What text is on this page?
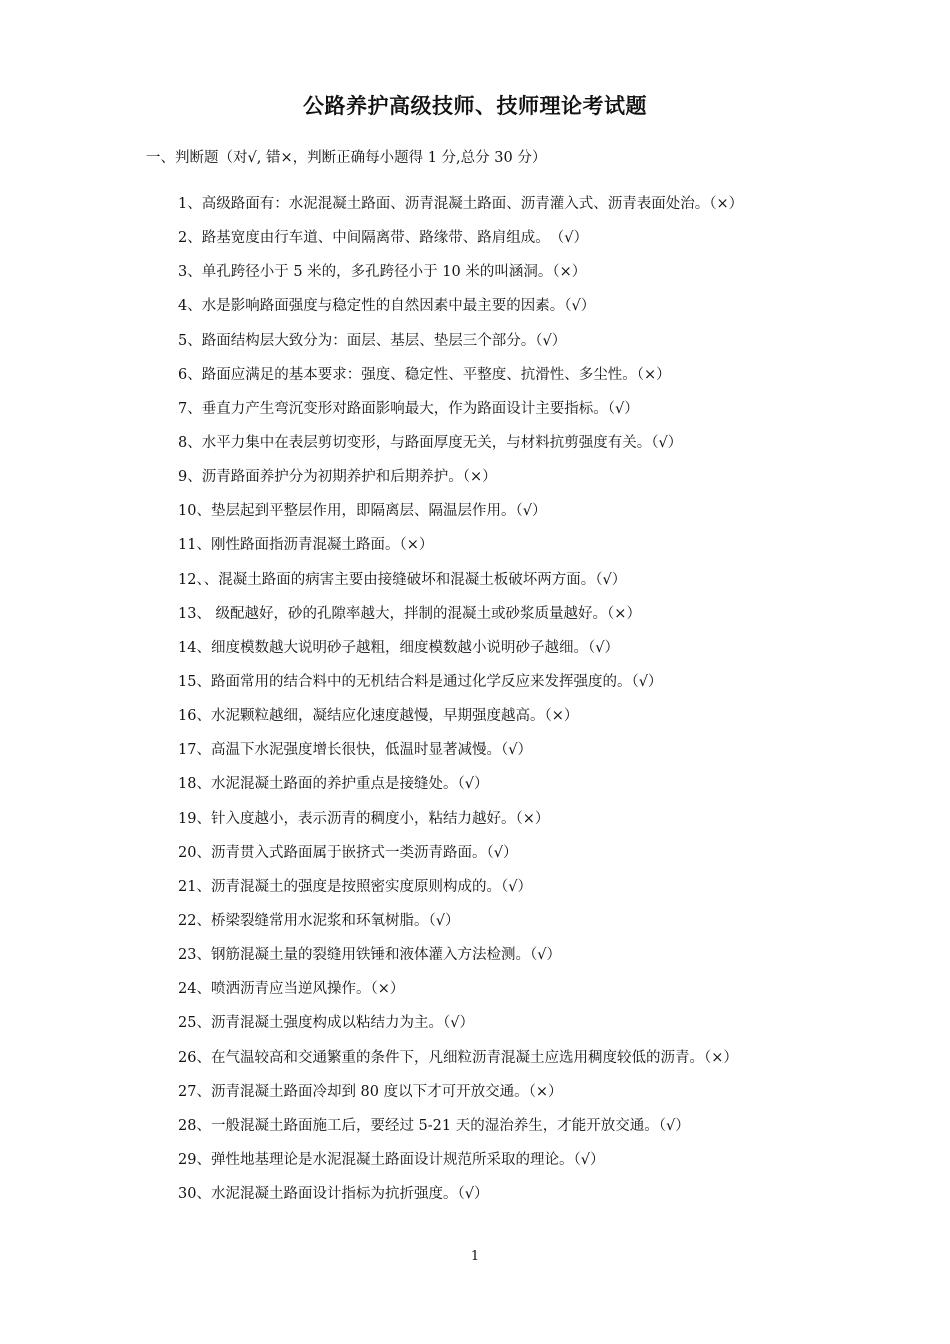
公路养护高级技师、技师理论考试题
一、判断题（对√, 错×，判断正确每小题得 1 分,总分 30 分）
1、高级路面有：水泥混凝土路面、沥青混凝土路面、沥青灌入式、沥青表面处治。（×）
2、路基宽度由行车道、中间隔离带、路缘带、路肩组成。　（√）
3、单孔跨径小于 5 米的，多孔跨径小于 10 米的叫涵洞。（×）
4、水是影响路面强度与稳定性的自然因素中最主要的因素。（√）
5、路面结构层大致分为：面层、基层、垫层三个部分。（√）
6、路面应满足的基本要求：强度、稳定性、平整度、抗滑性、多尘性。（×）
7、垂直力产生弯沉变形对路面影响最大，作为路面设计主要指标。（√）
8、水平力集中在表层剪切变形，与路面厚度无关，与材料抗剪强度有关。（√）
9、沥青路面养护分为初期养护和后期养护。（×）
10、垫层起到平整层作用，即隔离层、隔温层作用。（√）
11、刚性路面指沥青混凝土路面。（×）
12、、混凝土路面的病害主要由接缝破坏和混凝土板破坏两方面。（√）
13、 级配越好，砂的孔隙率越大，拌制的混凝土或砂浆质量越好。（×）
14、细度模数越大说明砂子越粗，细度模数越小说明砂子越细。（√）
15、路面常用的结合料中的无机结合料是通过化学反应来发挥强度的。（√）
16、水泥颗粒越细，凝结应化速度越慢，早期强度越高。（×）
17、高温下水泥强度增长很快，低温时显著减慢。（√）
18、水泥混凝土路面的养护重点是接缝处。（√）
19、针入度越小，表示沥青的稠度小，粘结力越好。（×）
20、沥青贯入式路面属于嵌挤式一类沥青路面。（√）
21、沥青混凝土的强度是按照密实度原则构成的。（√）
22、桥梁裂缝常用水泥浆和环氧树脂。（√）
23、钢筋混凝土量的裂缝用铁锤和液体灌入方法检测。（√）
24、喷洒沥青应当逆风操作。（×）
25、沥青混凝土强度构成以粘结力为主。（√）
26、在气温较高和交通繁重的条件下，凡细粒沥青混凝土应选用稠度较低的沥青。（×）
27、沥青混凝土路面冷却到 80 度以下才可开放交通。（×）
28、一般混凝土路面施工后，要经过 5-21 天的湿治养生，才能开放交通。（√）
29、弹性地基理论是水泥混凝土路面设计规范所采取的理论。（√）
30、水泥混凝土路面设计指标为抗折强度。（√）
1
